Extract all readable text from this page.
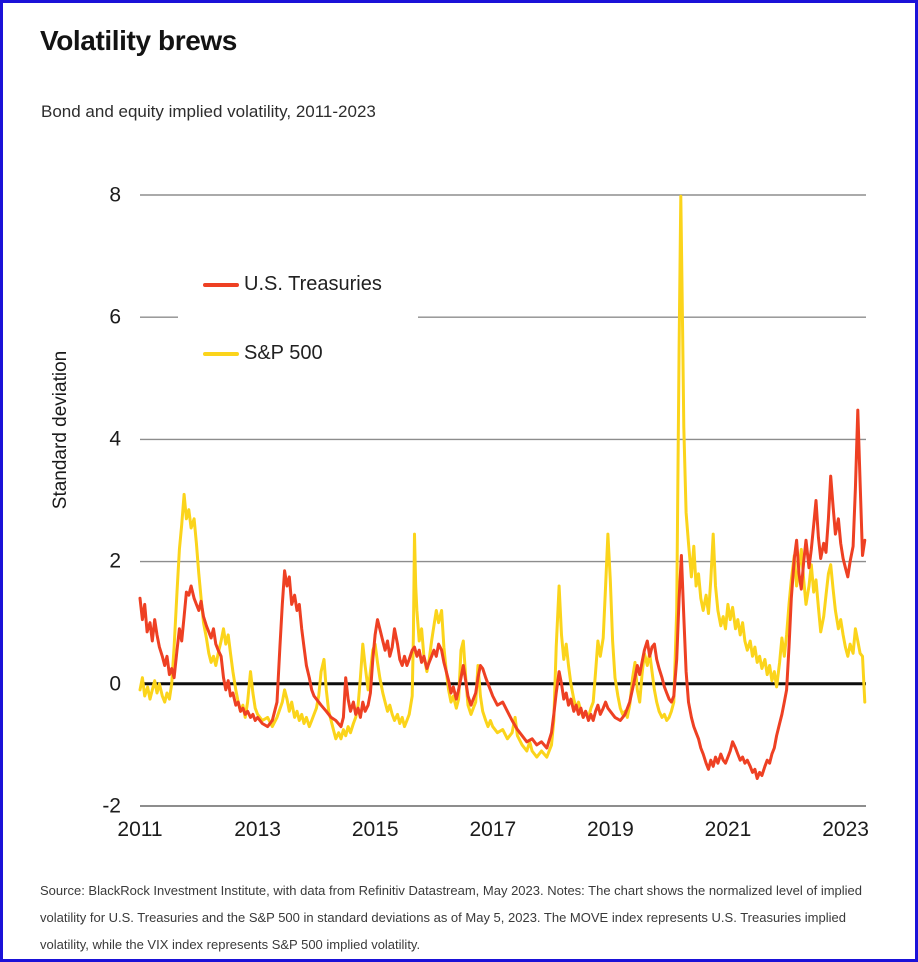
Volatility brews

Bond and equity implied volatility, 2011-2023

8
6
4
2
0
-2
2011	2013	2015	2017	2019	2021	2023
Standard deviation
U.S. Treasuries
S&P 500

Source: BlackRock Investment Institute, with data from Refinitiv Datastream, May 2023. Notes: The chart shows the normalized level of implied volatility for U.S. Treasuries and the S&P 500 in standard deviations as of May 5, 2023. The MOVE index represents U.S. Treasuries implied volatility, while the VIX index represents S&P 500 implied volatility.
